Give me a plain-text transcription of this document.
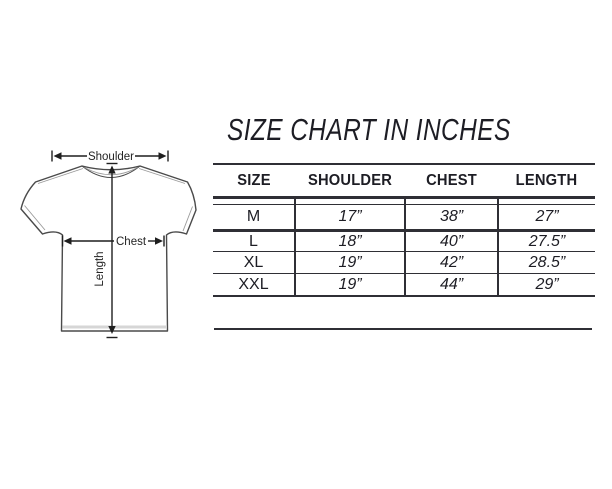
Shoulder
Length
Chest
SIZE CHART IN INCHES
SIZE	SHOULDER	CHEST	LENGTH

M	17”	38”	27”
L	18”	40”	27.5”
XL	19”	42”	28.5”
XXL	19”	44”	29”
